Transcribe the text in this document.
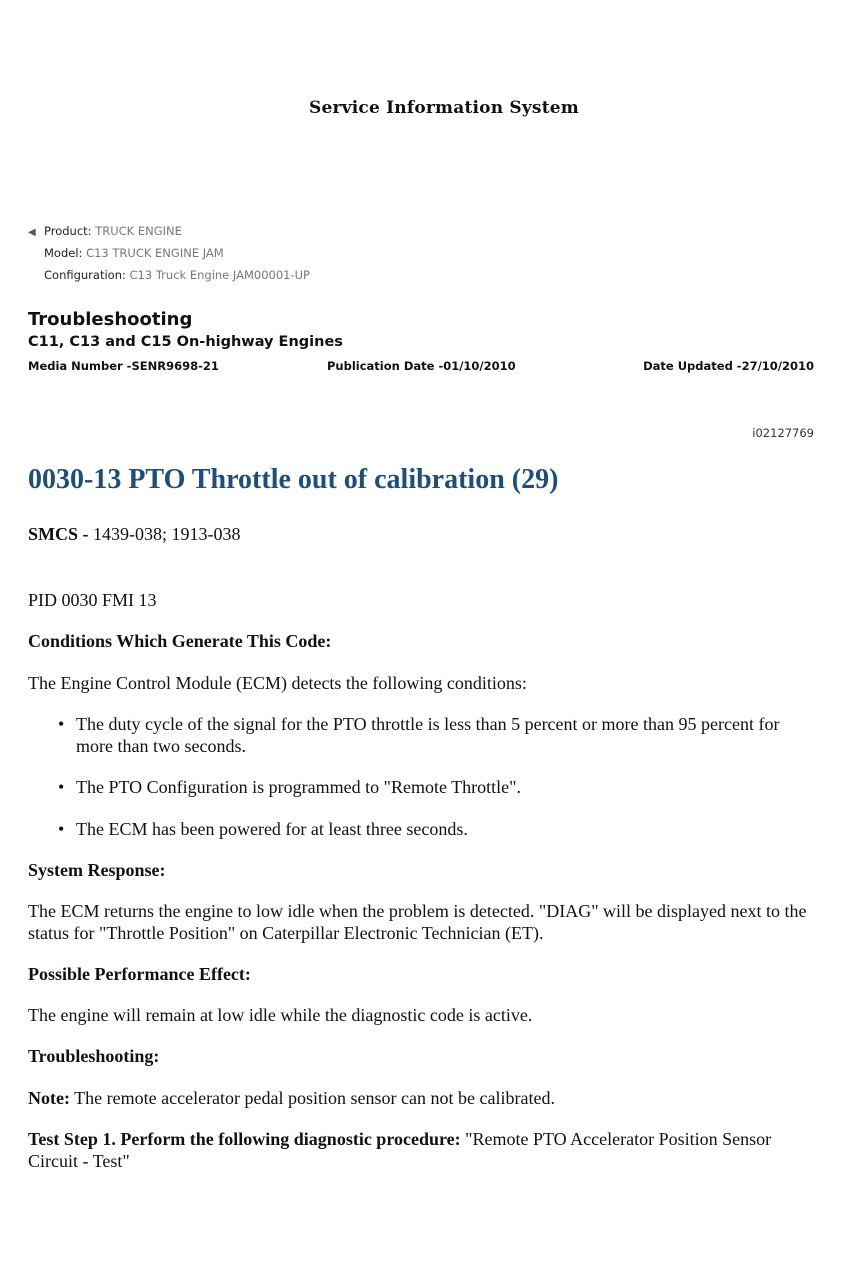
Service Information System
◀ Product: TRUCK ENGINE
Model: C13 TRUCK ENGINE JAM
Configuration: C13 Truck Engine JAM00001-UP
Troubleshooting
C11, C13 and C15 On-highway Engines
Media Number -SENR9698-21	Publication Date -01/10/2010	Date Updated -27/10/2010
i02127769
0030-13 PTO Throttle out of calibration (29)
SMCS - 1439-038; 1913-038
PID 0030 FMI 13
Conditions Which Generate This Code:
The Engine Control Module (ECM) detects the following conditions:
• The duty cycle of the signal for the PTO throttle is less than 5 percent or more than 95 percent for more than two seconds.
• The PTO Configuration is programmed to "Remote Throttle".
• The ECM has been powered for at least three seconds.
System Response:
The ECM returns the engine to low idle when the problem is detected. "DIAG" will be displayed next to the status for "Throttle Position" on Caterpillar Electronic Technician (ET).
Possible Performance Effect:
The engine will remain at low idle while the diagnostic code is active.
Troubleshooting:
Note: The remote accelerator pedal position sensor can not be calibrated.
Test Step 1. Perform the following diagnostic procedure: "Remote PTO Accelerator Position Sensor Circuit - Test"
